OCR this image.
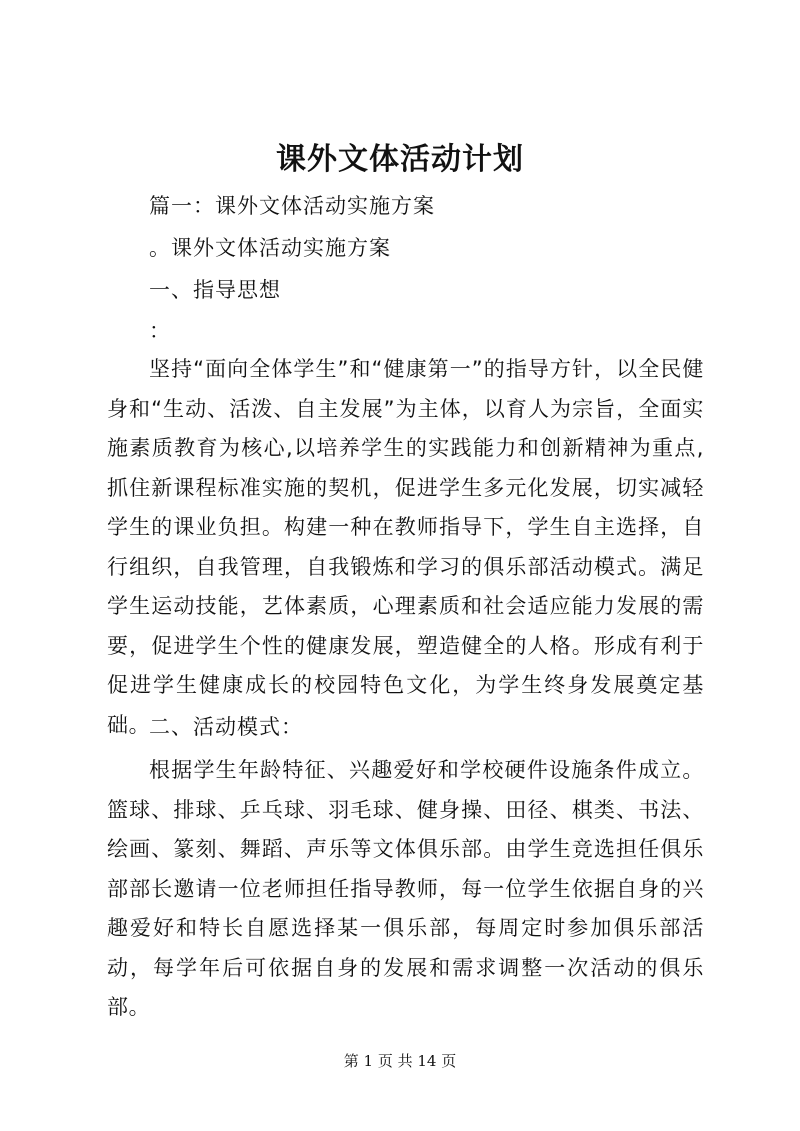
课外文体活动计划
篇一：课外文体活动实施方案
。课外文体活动实施方案
一、指导思想
：

坚持“面向全体学生”和“健康第一”的指导方针，以全民健身和“生动、活泼、自主发展”为主体，以育人为宗旨，全面实施素质教育为核心,以培养学生的实践能力和创新精神为重点,抓住新课程标准实施的契机，促进学生多元化发展，切实减轻学生的课业负担。构建一种在教师指导下，学生自主选择，自行组织，自我管理，自我锻炼和学习的俱乐部活动模式。满足学生运动技能，艺体素质，心理素质和社会适应能力发展的需要，促进学生个性的健康发展，塑造健全的人格。形成有利于促进学生健康成长的校园特色文化，为学生终身发展奠定基础。

二、活动模式：

根据学生年龄特征、兴趣爱好和学校硬件设施条件成立。篮球、排球、乒乓球、羽毛球、健身操、田径、棋类、书法、绘画、篆刻、舞蹈、声乐等文体俱乐部。由学生竞选担任俱乐部部长邀请一位老师担任指导教师，每一位学生依据自身的兴趣爱好和特长自愿选择某一俱乐部，每周定时参加俱乐部活动，每学年后可依据自身的发展和需求调整一次活动的俱乐部。

第 1 页 共 14 页
